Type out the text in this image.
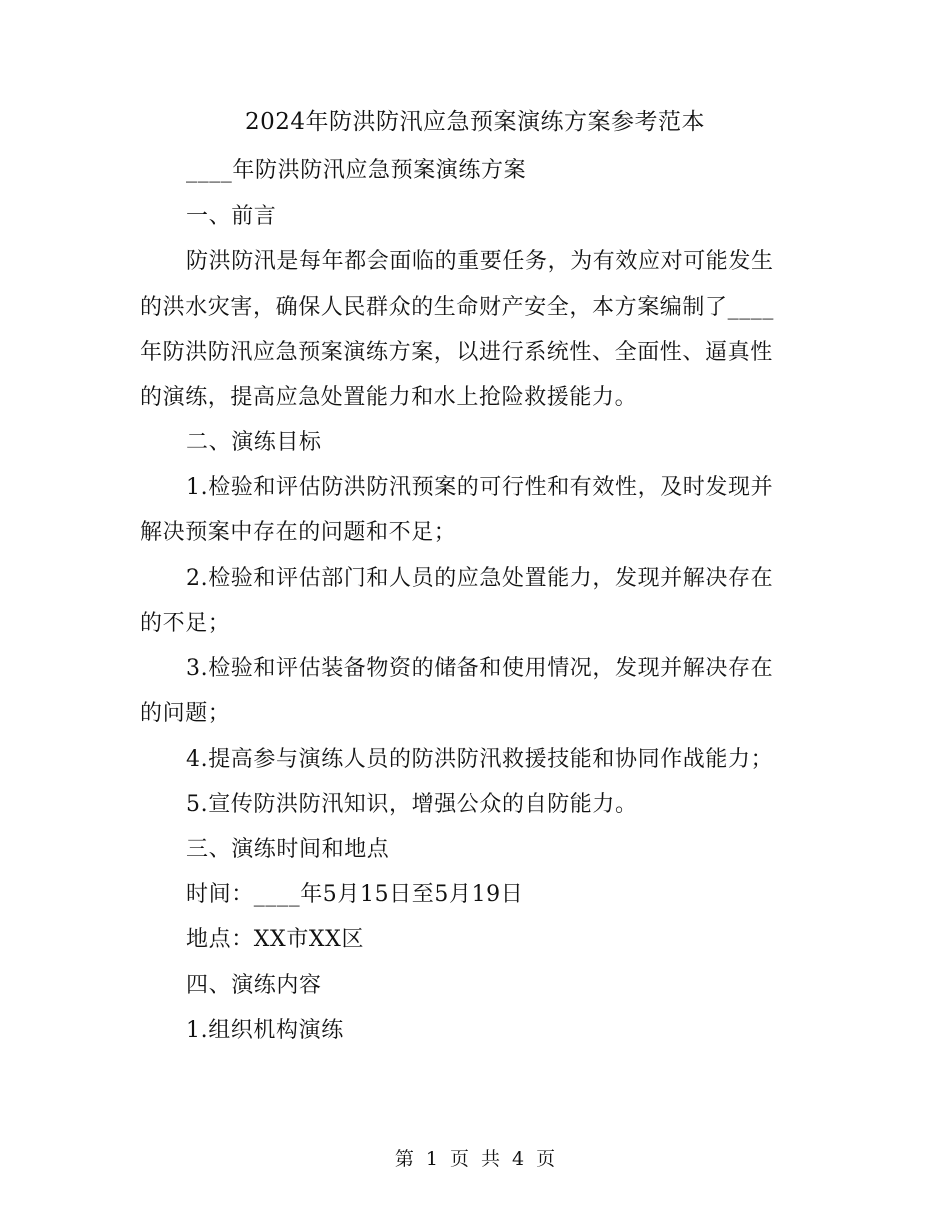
2024年防洪防汛应急预案演练方案参考范本
____年防洪防汛应急预案演练方案
一、前言
防洪防汛是每年都会面临的重要任务，为有效应对可能发生
的洪水灾害，确保人民群众的生命财产安全，本方案编制了____
年防洪防汛应急预案演练方案，以进行系统性、全面性、逼真性
的演练，提高应急处置能力和水上抢险救援能力。
二、演练目标
1.检验和评估防洪防汛预案的可行性和有效性，及时发现并
解决预案中存在的问题和不足；
2.检验和评估部门和人员的应急处置能力，发现并解决存在
的不足；
3.检验和评估装备物资的储备和使用情况，发现并解决存在
的问题；
4.提高参与演练人员的防洪防汛救援技能和协同作战能力；
5.宣传防洪防汛知识，增强公众的自防能力。
三、演练时间和地点
时间：____年5月15日至5月19日
地点：XX市XX区
四、演练内容
1.组织机构演练
第 1 页 共 4 页
